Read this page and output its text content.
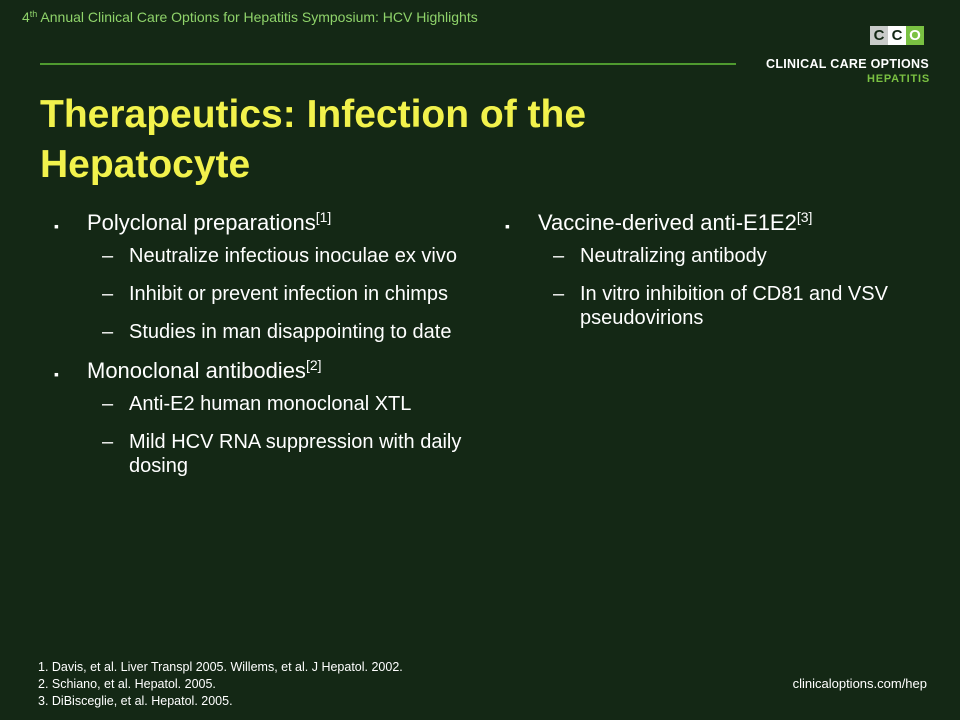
4th Annual Clinical Care Options for Hepatitis Symposium: HCV Highlights
C C O
CLINICAL CARE OPTIONS
HEPATITIS
Therapeutics: Infection of the
Hepatocyte
▪
Polyclonal preparations[1]
– Neutralize infectious inoculae ex vivo
– Inhibit or prevent infection in chimps
– Studies in man disappointing to date
▪
Monoclonal antibodies[2]
– Anti-E2 human monoclonal XTL
– Mild HCV RNA suppression with daily dosing
▪
Vaccine-derived anti-E1E2[3]
– Neutralizing antibody
– In vitro inhibition of CD81 and VSV pseudovirions
1. Davis, et al. Liver Transpl 2005. Willems, et al. J Hepatol. 2002.
2. Schiano, et al. Hepatol. 2005.
3. DiBisceglie, et al. Hepatol. 2005.
clinicaloptions.com/hep
